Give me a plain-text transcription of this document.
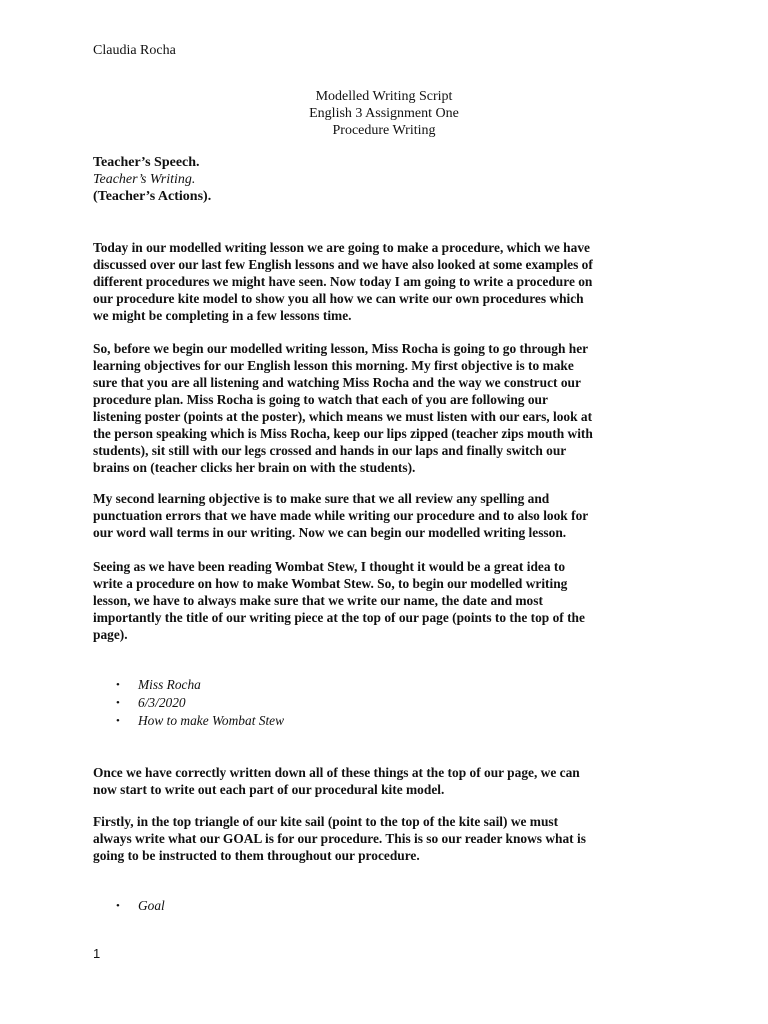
Claudia Rocha
Modelled Writing Script
English 3 Assignment One
Procedure Writing
Teacher’s Speech.
Teacher’s Writing.
(Teacher’s Actions).

Today in our modelled writing lesson we are going to make a procedure, which we have

discussed over our last few English lessons and we have also looked at some examples of

different procedures we might have seen. Now today I am going to write a procedure on

our procedure kite model to show you all how we can write our own procedures which

we might be completing in a few lessons time.

So, before we begin our modelled writing lesson, Miss Rocha is going to go through her

learning objectives for our English lesson this morning. My first objective is to make

sure that you are all listening and watching Miss Rocha and the way we construct our

procedure plan. Miss Rocha is going to watch that each of you are following our

listening poster (points at the poster), which means we must listen with our ears, look at

the person speaking which is Miss Rocha, keep our lips zipped (teacher zips mouth with

students), sit still with our legs crossed and hands in our laps and finally switch our

brains on (teacher clicks her brain on with the students).

My second learning objective is to make sure that we all review any spelling and

punctuation errors that we have made while writing our procedure and to also look for

our word wall terms in our writing. Now we can begin our modelled writing lesson.

Seeing as we have been reading Wombat Stew, I thought it would be a great idea to

write a procedure on how to make Wombat Stew. So, to begin our modelled writing

lesson, we have to always make sure that we write our name, the date and most

importantly the title of our writing piece at the top of our page (points to the top of the

page).

•	Miss Rocha
•	6/3/2020
•	How to make Wombat Stew

Once we have correctly written down all of these things at the top of our page, we can

now start to write out each part of our procedural kite model.

Firstly, in the top triangle of our kite sail (point to the top of the kite sail) we must

always write what our GOAL is for our procedure. This is so our reader knows what is

going to be instructed to them throughout our procedure.

•	Goal
1
